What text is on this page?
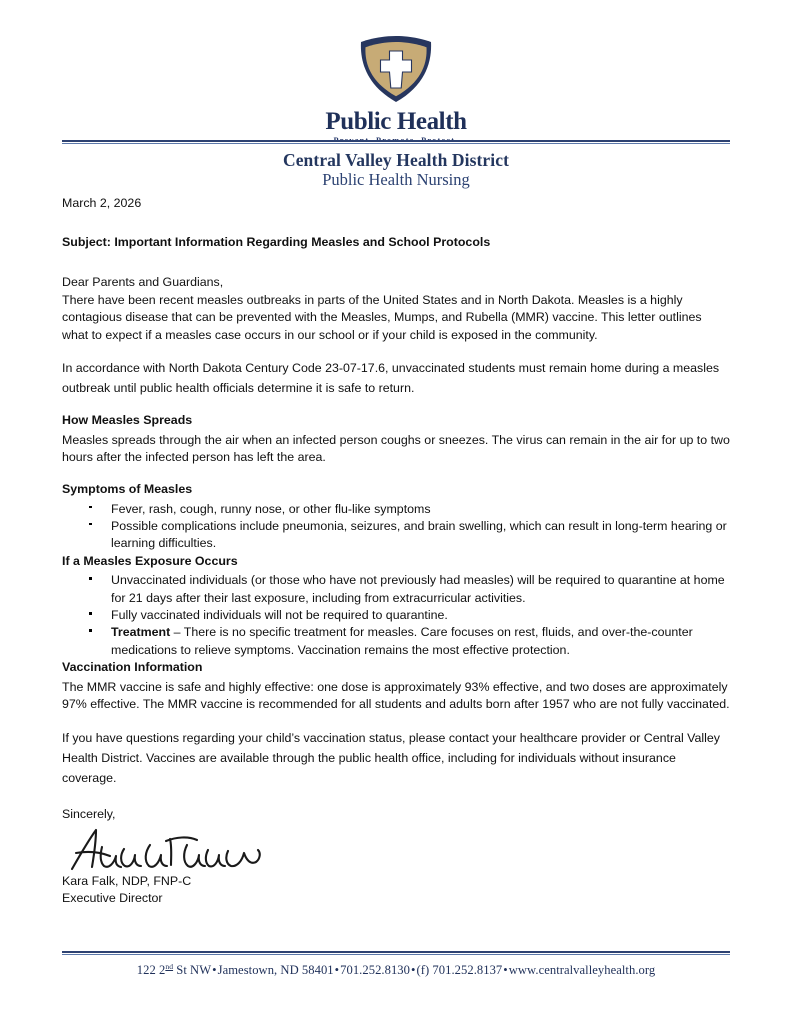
Public Health
Central Valley Health District
Public Health Nursing
March 2, 2026
Subject: Important Information Regarding Measles and School Protocols
Dear Parents and Guardians,

There have been recent measles outbreaks in parts of the United States and in North Dakota. Measles is a highly contagious disease that can be prevented with the Measles, Mumps, and Rubella (MMR) vaccine. This letter outlines what to expect if a measles case occurs in our school or if your child is exposed in the community.

In accordance with North Dakota Century Code 23-07-17.6, unvaccinated students must remain home during a measles outbreak until public health officials determine it is safe to return.

How Measles Spreads

Measles spreads through the air when an infected person coughs or sneezes. The virus can remain in the air for up to two hours after the infected person has left the area.

Symptoms of Measles
Fever, rash, cough, runny nose, or other flu-like symptoms
Possible complications include pneumonia, seizures, and brain swelling, which can result in long-term hearing or learning difficulties.
If a Measles Exposure Occurs
Unvaccinated individuals (or those who have not previously had measles) will be required to quarantine at home for 21 days after their last exposure, including from extracurricular activities.
Fully vaccinated individuals will not be required to quarantine.
Treatment – There is no specific treatment for measles. Care focuses on rest, fluids, and over-the-counter medications to relieve symptoms. Vaccination remains the most effective protection.
Vaccination Information

The MMR vaccine is safe and highly effective: one dose is approximately 93% effective, and two doses are approximately 97% effective. The MMR vaccine is recommended for all students and adults born after 1957 who are not fully vaccinated.

If you have questions regarding your child’s vaccination status, please contact your healthcare provider or Central Valley Health District. Vaccines are available through the public health office, including for individuals without insurance coverage.

Sincerely,
Kara Falk, NDP, FNP-C
Executive Director
122 2nd St NW•Jamestown, ND 58401•701.252.8130•(f) 701.252.8137•www.centralvalleyhealth.org
